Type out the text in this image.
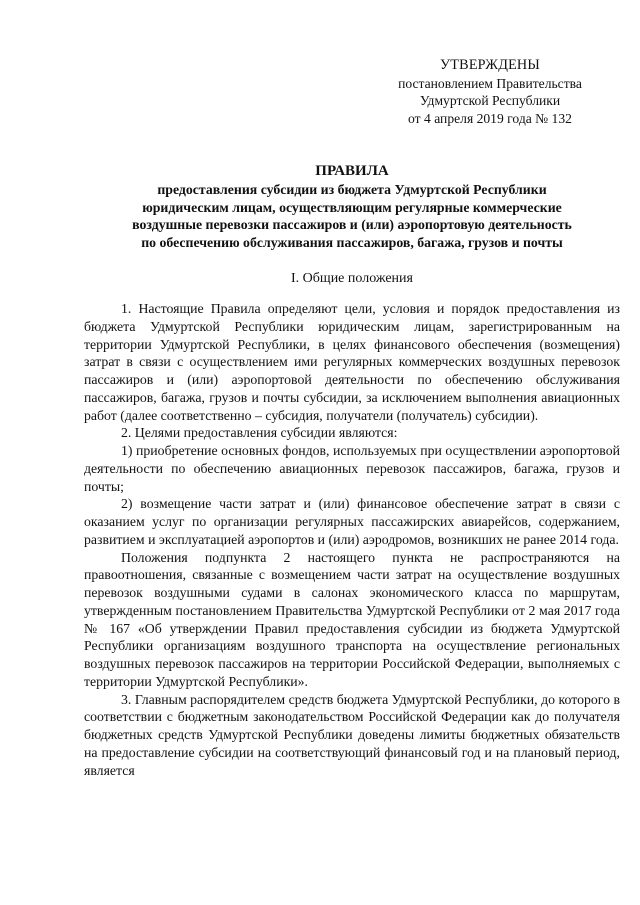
УТВЕРЖДЕНЫ
постановлением Правительства
Удмуртской Республики
от 4 апреля 2019 года № 132
ПРАВИЛА
предоставления субсидии из бюджета Удмуртской Республики
юридическим лицам, осуществляющим регулярные коммерческие
воздушные перевозки пассажиров и (или) аэропортовую деятельность
по обеспечению обслуживания пассажиров, багажа, грузов и почты
I. Общие положения

1. Настоящие Правила определяют цели, условия и порядок предоставления из бюджета Удмуртской Республики юридическим лицам, зарегистрированным на территории Удмуртской Республики, в целях финансового обеспечения (возмещения) затрат в связи с осуществлением ими регулярных коммерческих воздушных перевозок пассажиров и (или) аэропортовой деятельности по обеспечению обслуживания пассажиров, багажа, грузов и почты субсидии, за исключением выполнения авиационных работ (далее соответственно – субсидия, получатели (получатель) субсидии).

2. Целями предоставления субсидии являются:

1) приобретение основных фондов, используемых при осуществлении аэропортовой деятельности по обеспечению авиационных перевозок пассажиров, багажа, грузов и почты;

2) возмещение части затрат и (или) финансовое обеспечение затрат в связи с оказанием услуг по организации регулярных пассажирских авиарейсов, содержанием, развитием и эксплуатацией аэропортов и (или) аэродромов, возникших не ранее 2014 года.

Положения подпункта 2 настоящего пункта не распространяются на правоотношения, связанные с возмещением части затрат на осуществление воздушных перевозок воздушными судами в салонах экономического класса по маршрутам, утвержденным постановлением Правительства Удмуртской Республики от 2 мая 2017 года № 167 «Об утверждении Правил предоставления субсидии из бюджета Удмуртской Республики организациям воздушного транспорта на осуществление региональных воздушных перевозок пассажиров на территории Российской Федерации, выполняемых с территории Удмуртской Республики».

3. Главным распорядителем средств бюджета Удмуртской Республики, до которого в соответствии с бюджетным законодательством Российской Федерации как до получателя бюджетных средств Удмуртской Республики доведены лимиты бюджетных обязательств на предоставление субсидии на соответствующий финансовый год и на плановый период, является
